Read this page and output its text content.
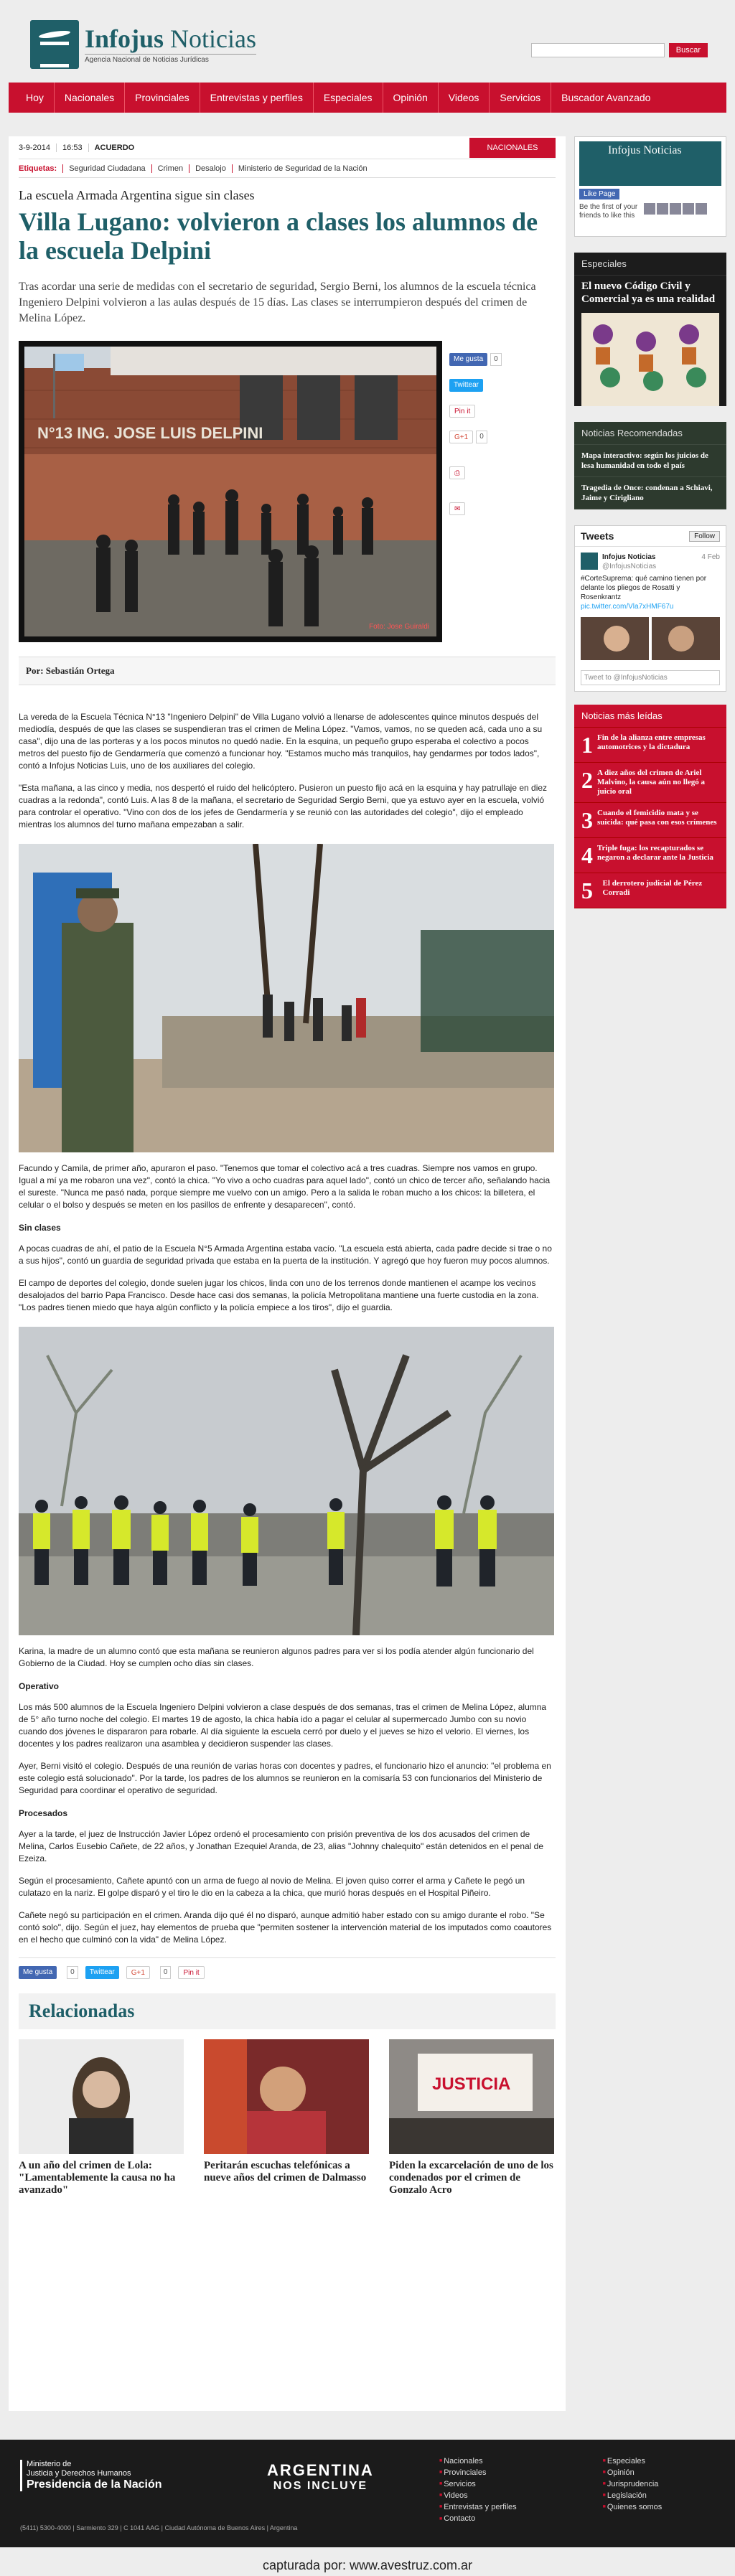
Infojus Noticias
Agencia Nacional de Noticias Jurídicas
Buscar
Hoy	Nacionales	Provinciales	Entrevistas y perfiles	Especiales	Opinión	Videos	Servicios	Buscador Avanzado
3-9-2014	16:53	ACUERDO	NACIONALES
Etiquetas:	Seguridad Ciudadana	Crimen	Desalojo	Ministerio de Seguridad de la Nación
La escuela Armada Argentina sigue sin clases
Villa Lugano: volvieron a clases los alumnos de la escuela Delpini
Tras acordar una serie de medidas con el secretario de seguridad, Sergio Berni, los alumnos de la escuela técnica Ingeniero Delpini volvieron a las aulas después de 15 días. Las clases se interrumpieron después del crimen de Melina López.
N°13 ING. JOSE LUIS DELPINI
Foto: Jose Guiraldi
Me gusta	0
Twittear
Pin it
G+1	0
⎙
✉
Por: Sebastián Ortega

La vereda de la Escuela Técnica N°13 "Ingeniero Delpini" de Villa Lugano volvió a llenarse de adolescentes quince minutos después del mediodía, después de que las clases se suspendieran tras el crimen de Melina López. "Vamos, vamos, no se queden acá, cada uno a su casa", dijo una de las porteras y a los pocos minutos no quedó nadie. En la esquina, un pequeño grupo esperaba el colectivo a pocos metros del puesto fijo de Gendarmería que comenzó a funcionar hoy. "Estamos mucho más tranquilos, hay gendarmes por todos lados", contó a Infojus Noticias Luis, uno de los auxiliares del colegio.

"Esta mañana, a las cinco y media, nos despertó el ruido del helicóptero. Pusieron un puesto fijo acá en la esquina y hay patrullaje en diez cuadras a la redonda", contó Luis. A las 8 de la mañana, el secretario de Seguridad Sergio Berni, que ya estuvo ayer en la escuela, volvió para controlar el operativo. "Vino con dos de los jefes de Gendarmería y se reunió con las autoridades del colegio", dijo el empleado mientras los alumnos del turno mañana empezaban a salir.

Facundo y Camila, de primer año, apuraron el paso. "Tenemos que tomar el colectivo acá a tres cuadras. Siempre nos vamos en grupo. Igual a mí ya me robaron una vez", contó la chica. "Yo vivo a ocho cuadras para aquel lado", contó un chico de tercer año, señalando hacia el sureste. "Nunca me pasó nada, porque siempre me vuelvo con un amigo. Pero a la salida le roban mucho a los chicos: la billetera, el celular o el bolso y después se meten en los pasillos de enfrente y desaparecen", contó.

Sin clases

A pocas cuadras de ahí, el patio de la Escuela N°5 Armada Argentina estaba vacío. "La escuela está abierta, cada padre decide si trae o no a sus hijos", contó un guardia de seguridad privada que estaba en la puerta de la institución. Y agregó que hoy fueron muy pocos alumnos.

El campo de deportes del colegio, donde suelen jugar los chicos, linda con uno de los terrenos donde mantienen el acampe los vecinos desalojados del barrio Papa Francisco. Desde hace casi dos semanas, la policía Metropolitana mantiene una fuerte custodia en la zona. "Los padres tienen miedo que haya algún conflicto y la policía empiece a los tiros", dijo el guardia.

Karina, la madre de un alumno contó que esta mañana se reunieron algunos padres para ver si los podía atender algún funcionario del Gobierno de la Ciudad. Hoy se cumplen ocho días sin clases.

Operativo

Los más 500 alumnos de la Escuela Ingeniero Delpini volvieron a clase después de dos semanas, tras el crimen de Melina López, alumna de 5° año turno noche del colegio. El martes 19 de agosto, la chica había ido a pagar el celular al supermercado Jumbo con su novio cuando dos jóvenes le dispararon para robarle. Al día siguiente la escuela cerró por duelo y el jueves se hizo el velorio. El viernes, los docentes y los padres realizaron una asamblea y decidieron suspender las clases.

Ayer, Berni visitó el colegio. Después de una reunión de varias horas con docentes y padres, el funcionario hizo el anuncio: "el problema en este colegio está solucionado". Por la tarde, los padres de los alumnos se reunieron en la comisaría 53 con funcionarios del Ministerio de Seguridad para coordinar el operativo de seguridad.

Procesados

Ayer a la tarde, el juez de Instrucción Javier López ordenó el procesamiento con prisión preventiva de los dos acusados del crimen de Melina, Carlos Eusebio Cañete, de 22 años, y Jonathan Ezequiel Aranda, de 23, alias "Johnny chalequito" están detenidos en el penal de Ezeiza.

Según el procesamiento, Cañete apuntó con un arma de fuego al novio de Melina. El joven quiso correr el arma y Cañete le pegó un culatazo en la nariz. El golpe disparó y el tiro le dio en la cabeza a la chica, que murió horas después en el Hospital Piñeiro.

Cañete negó su participación en el crimen. Aranda dijo qué él no disparó, aunque admitió haber estado con su amigo durante el robo. "Se contó solo", dijo. Según el juez, hay elementos de prueba que "permiten sostener la intervención material de los imputados como coautores en el hecho que culminó con la vida" de Melina López.

Me gusta	0	Twittear	G+1	0	Pin it
Relacionadas
A un año del crimen de Lola: "Lamentablemente la causa no ha avanzado"
Peritarán escuchas telefónicas a nueve años del crimen de Dalmasso
JUSTICIA
Piden la excarcelación de uno de los condenados por el crimen de Gonzalo Acro
Infojus Noticias
Like Page
Be the first of your friends to like this
Especiales
El nuevo Código Civil y Comercial ya es una realidad
Noticias Recomendadas
Mapa interactivo: según los juicios de lesa humanidad en todo el país
Tragedia de Once: condenan a Schiavi, Jaime y Cirigliano
Tweets	Follow
Infojus Noticias	4 Feb
@InfojusNoticias
#CorteSuprema: qué camino tienen por delante los pliegos de Rosatti y Rosenkrantz
pic.twitter.com/Vla7xHMF67u
Tweet to @InfojusNoticias
Noticias más leídas
1 Fin de la alianza entre empresas automotrices y la dictadura
2 A diez años del crimen de Ariel Malvino, la causa aún no llegó a juicio oral
3 Cuando el femicidio mata y se suicida: qué pasa con esos crímenes
4 Triple fuga: los recapturados se negaron a declarar ante la Justicia
5	El derrotero judicial de Pérez Corradi
Ministerio de
Justicia y Derechos Humanos
Presidencia de la Nación
(5411) 5300-4000 | Sarmiento 329 | C 1041 AAG | Ciudad Autónoma de Buenos Aires | Argentina
ARGENTINA
NOS INCLUYE
■ Nacionales
■ Provinciales
■ Servicios
■ Videos
■ Entrevistas y perfiles
■ Contacto
■ Especiales
■ Opinión
■ Jurisprudencia
■ Legislación
■ Quienes somos
capturada por: www.avestruz.com.ar
